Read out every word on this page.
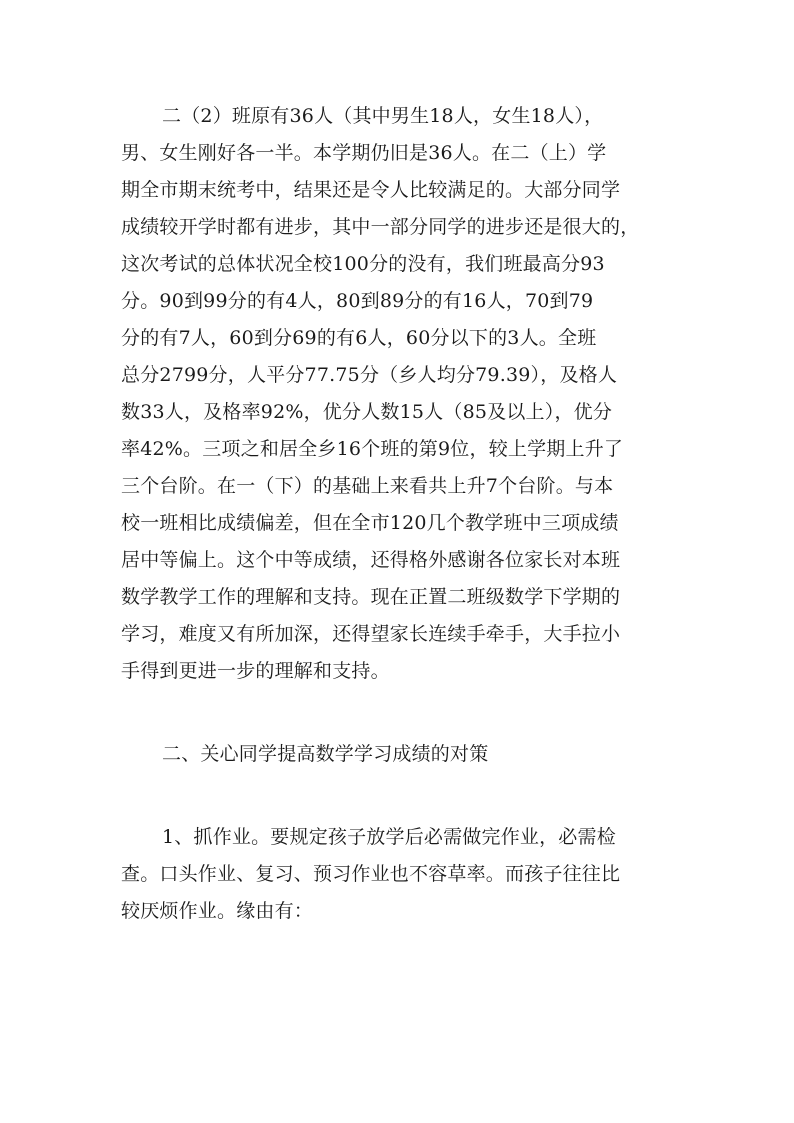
二（2）班原有36人（其中男生18人，女生18人），
男、女生刚好各一半。本学期仍旧是36人。在二（上）学
期全市期末统考中，结果还是令人比较满足的。大部分同学
成绩较开学时都有进步，其中一部分同学的进步还是很大的，
这次考试的总体状况全校100分的没有，我们班最高分93
分。90到99分的有4人，80到89分的有16人，70到79
分的有7人，60到分69的有6人，60分以下的3人。全班
总分2799分，人平分77.75分（乡人均分79.39），及格人
数33人，及格率92%，优分人数15人（85及以上），优分
率42%。三项之和居全乡16个班的第9位，较上学期上升了
三个台阶。在一（下）的基础上来看共上升7个台阶。与本
校一班相比成绩偏差，但在全市120几个教学班中三项成绩
居中等偏上。这个中等成绩，还得格外感谢各位家长对本班
数学教学工作的理解和支持。现在正置二班级数学下学期的
学习，难度又有所加深，还得望家长连续手牵手，大手拉小
手得到更进一步的理解和支持。
二、关心同学提高数学学习成绩的对策
1、抓作业。要规定孩子放学后必需做完作业，必需检
查。口头作业、复习、预习作业也不容草率。而孩子往往比
较厌烦作业。缘由有：
